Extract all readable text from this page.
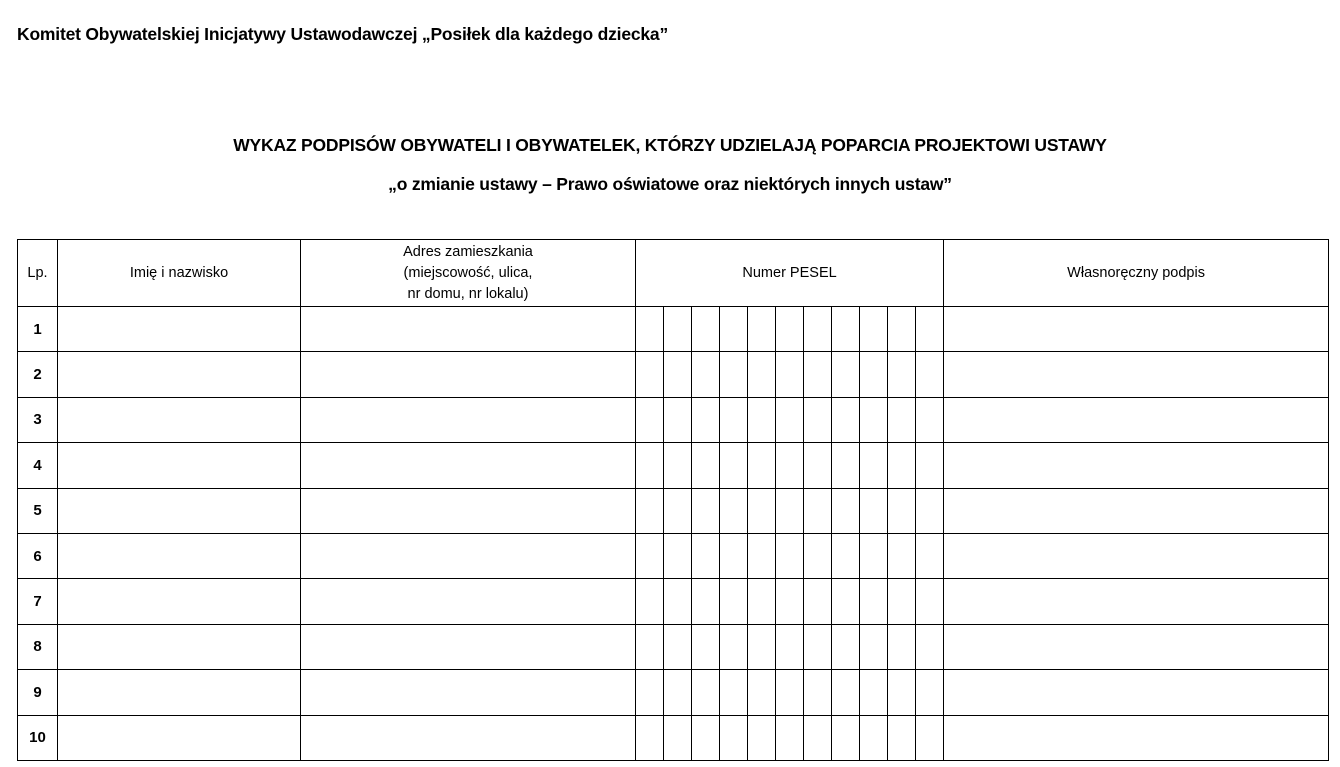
Komitet Obywatelskiej Inicjatywy Ustawodawczej „Posiłek dla każdego dziecka”
WYKAZ PODPISÓW OBYWATELI I OBYWATELEK, KTÓRZY UDZIELAJĄ POPARCIA PROJEKTOWI USTAWY
„o zmianie ustawy – Prawo oświatowe oraz niektórych innych ustaw”
Lp.	Imię i nazwisko	Adres zamieszkania
(miejscowość, ulica,
nr domu, nr lokalu)	Numer PESEL											Własnoręczny podpis
1														
2														
3														
4														
5														
6														
7														
8														
9														
10														
